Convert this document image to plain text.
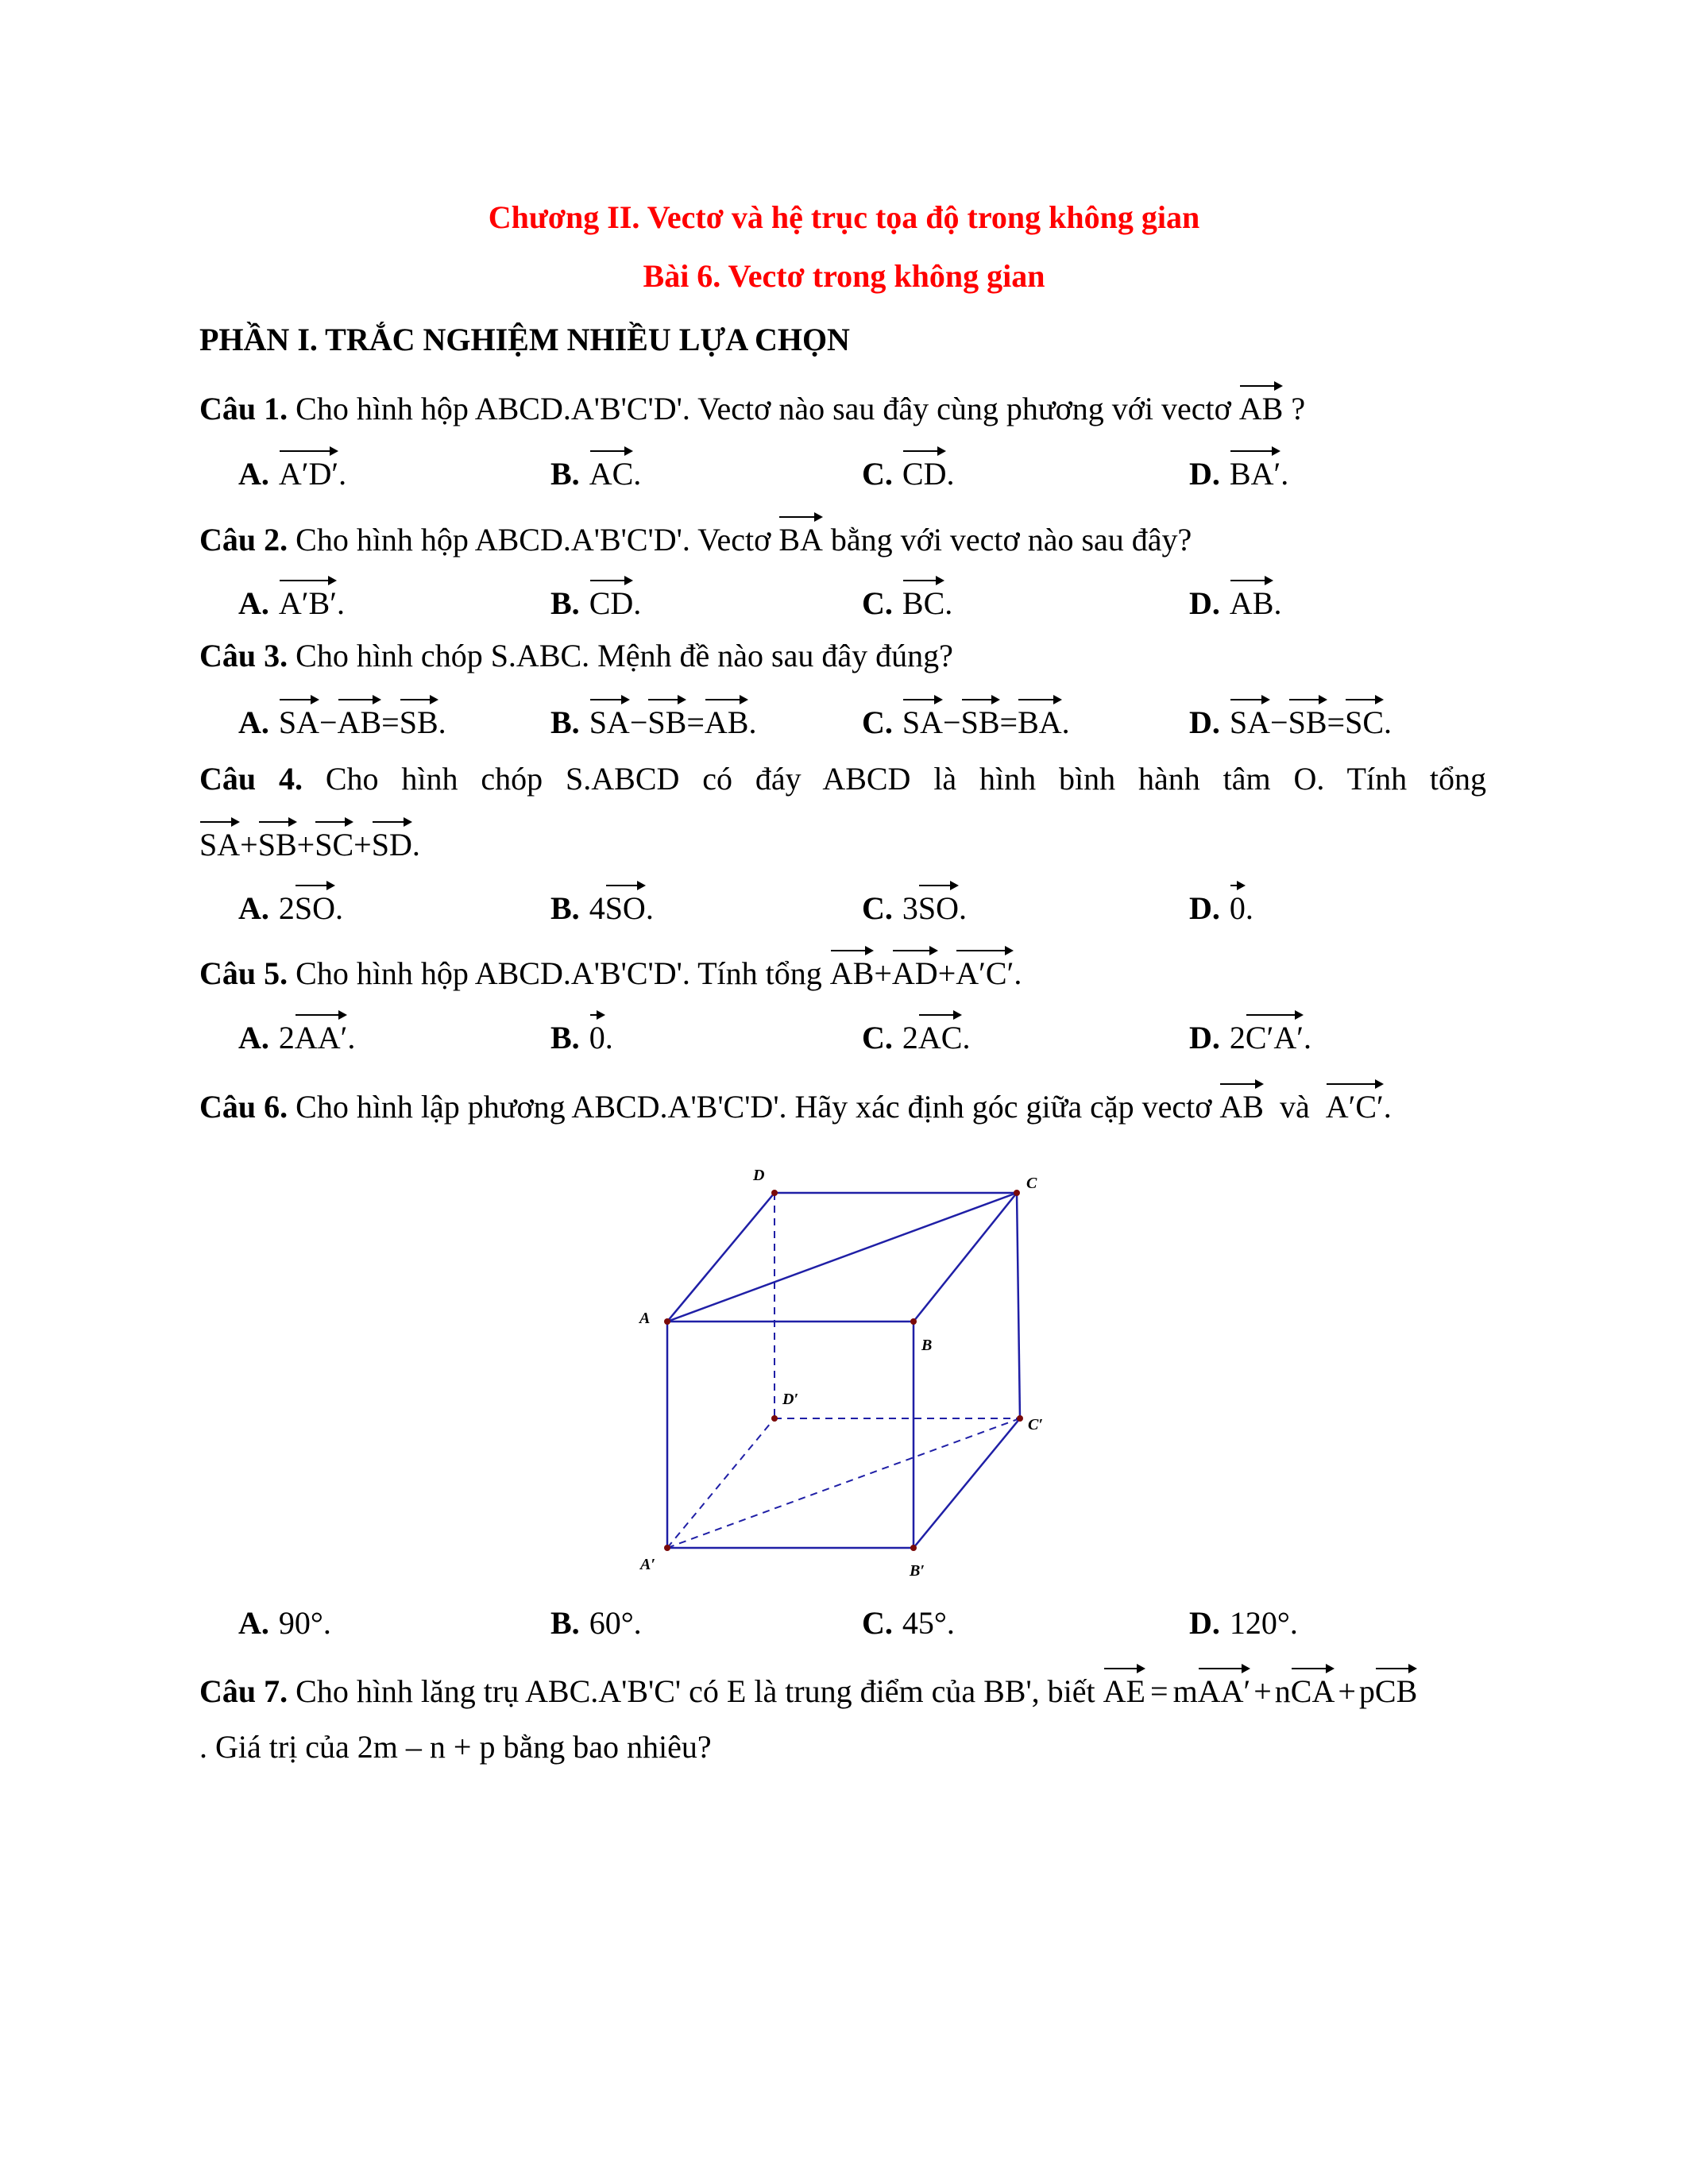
Chương II. Vectơ và hệ trục tọa độ trong không gian
Bài 6. Vectơ trong không gian
PHẦN I. TRẮC NGHIỆM NHIỀU LỰA CHỌN
Câu 1. Cho hình hộp ABCD.A'B'C'D'. Vectơ nào sau đây cùng phương với vectơ AB ?
A. A′D′.	B. AC.	C. CD.	D. BA′.
Câu 2. Cho hình hộp ABCD.A'B'C'D'. Vectơ BA bằng với vectơ nào sau đây?
A. A′B′.	B. CD.	C. BC.	D. AB.
Câu 3. Cho hình chóp S.ABC. Mệnh đề nào sau đây đúng?
A. SA−AB=SB.	B. SA−SB=AB.	C. SA−SB=BA.	D. SA−SB=SC.
Câu 4. Cho hình chóp S.ABCD có đáy ABCD là hình bình hành tâm O. Tính tổng
SA+SB+SC+SD.
A. 2SO.	B. 4SO.	C. 3SO.	D. 0.
Câu 5. Cho hình hộp ABCD.A'B'C'D'. Tính tổng AB+AD+A′C′.
A. 2AA′.	B. 0.	C. 2AC.	D. 2C′A′.
Câu 6. Cho hình lập phương ABCD.A'B'C'D'. Hãy xác định góc giữa cặp vectơ AB  và  A′C′.
D	C
A
B
D′
C′
A′	B′
A. 90°.	B. 60°.	C. 45°.	D. 120°.
Câu 7. Cho hình lăng trụ ABC.A'B'C' có E là trung điểm của BB', biết AE = mAA′ + nCA + pCB
. Giá trị của 2m – n + p bằng bao nhiêu?
